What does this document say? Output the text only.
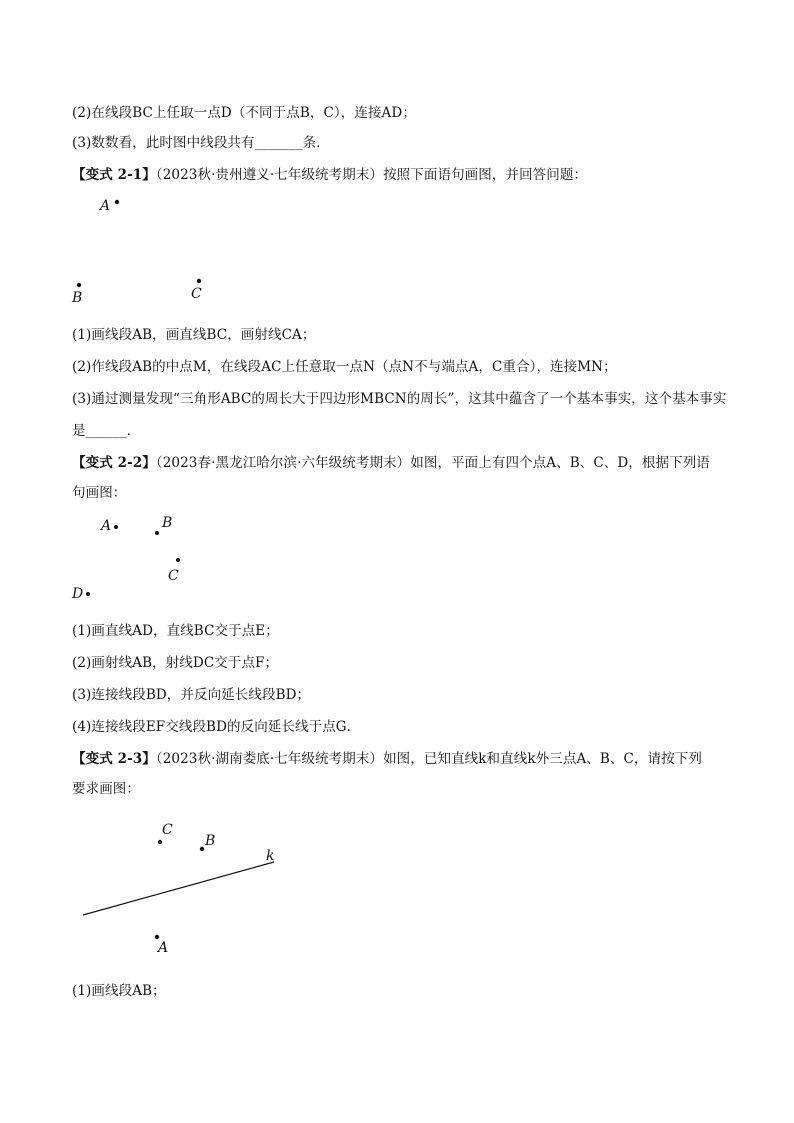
(2)在线段BC上任取一点D（不同于点B，C），连接AD；
(3)数数看，此时图中线段共有_______条．
【变式 2-1】（2023秋·贵州遵义·七年级统考期末）按照下面语句画图，并回答问题：
A
B	C
(1)画线段AB，画直线BC，画射线CA；
(2)作线段AB的中点M，在线段AC上任意取一点N（点N不与端点A，C重合），连接MN；
(3)通过测量发现“三角形ABC的周长大于四边形MBCN的周长”，这其中蕴含了一个基本事实，这个基本事实
是______．
【变式 2-2】（2023春·黑龙江哈尔滨·六年级统考期末）如图，平面上有四个点A、B、C、D，根据下列语
句画图：
A	B
C
D
(1)画直线AD，直线BC交于点E；
(2)画射线AB，射线DC交于点F；
(3)连接线段BD，并反向延长线段BD；
(4)连接线段EF交线段BD的反向延长线于点G．
【变式 2-3】（2023秋·湖南娄底·七年级统考期末）如图，已知直线k和直线k外三点A、B、C，请按下列
要求画图：
k
C
B
A
(1)画线段AB；
